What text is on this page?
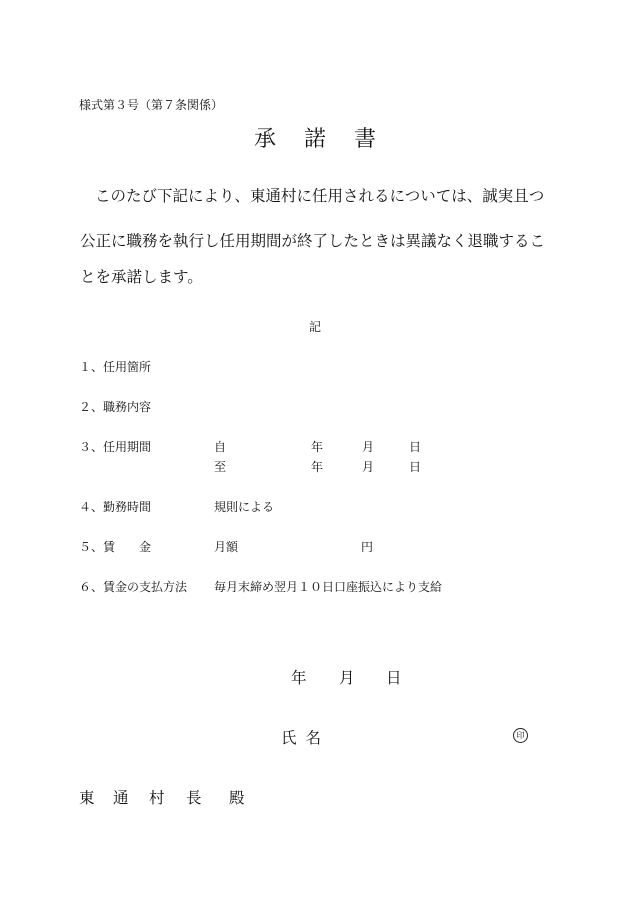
様式第３号（第７条関係）
承諾書
このたび下記により、東通村に任用されるについては、誠実且つ
公正に職務を執行し任用期間が終了したときは異議なく退職するこ
とを承諾します。
記
１、任用箇所
２、職務内容
３、任用期間	自	年	月	日
至	年	月	日
４、勤務時間	規則による
５、賃　　金	月額	円
６、賃金の支払方法 毎月末締め翌月１０日口座振込により支給
年 月 日
氏名	印
東 通 村 長 殿
